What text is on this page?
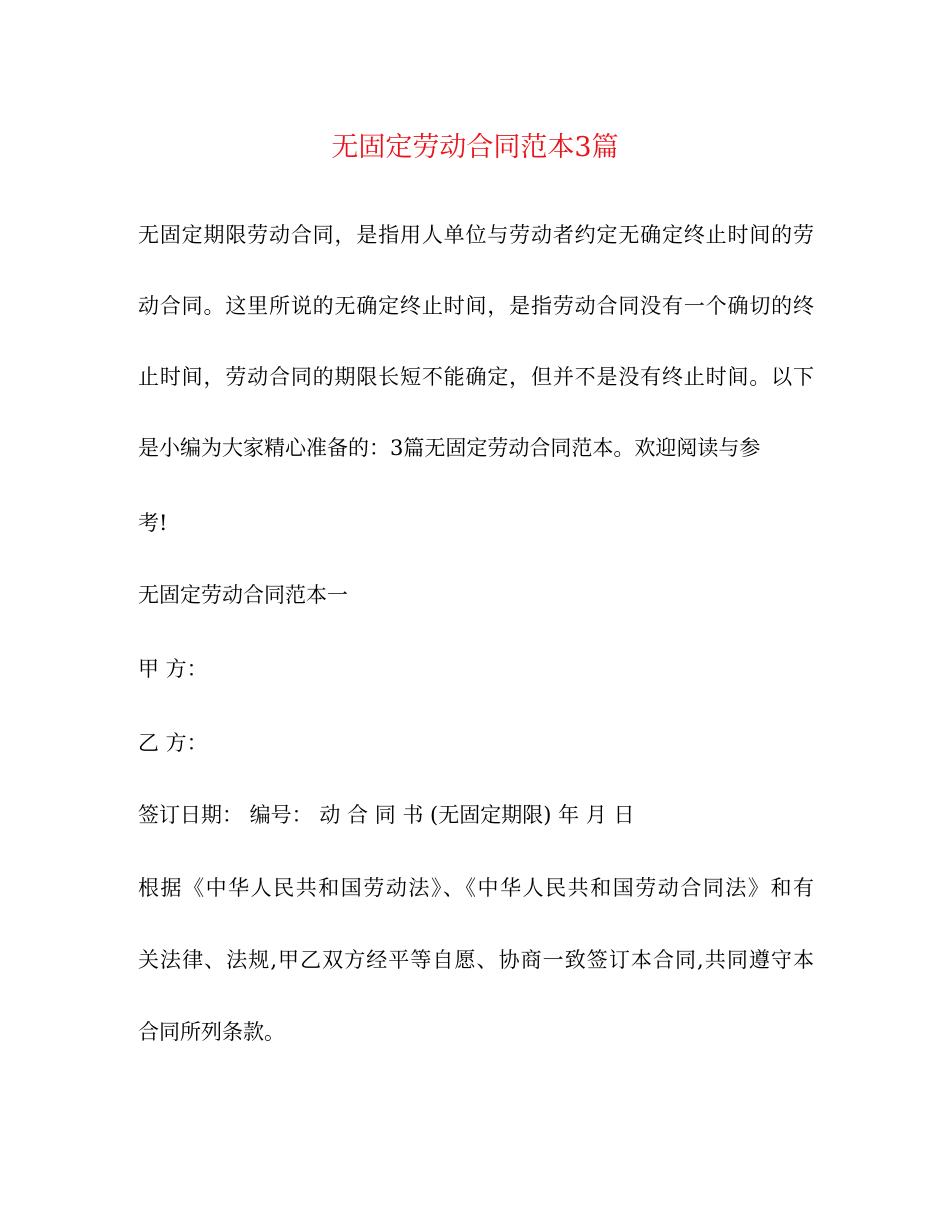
无固定劳动合同范本3篇
无固定期限劳动合同，是指用人单位与劳动者约定无确定终止时间的劳
动合同。这里所说的无确定终止时间，是指劳动合同没有一个确切的终
止时间，劳动合同的期限长短不能确定，但并不是没有终止时间。以下
是小编为大家精心准备的：3篇无固定劳动合同范本。欢迎阅读与参
考!
无固定劳动合同范本一
甲 方：
乙 方：
签订日期： 编号： 动 合 同 书 (无固定期限) 年 月 日
根据《中华人民共和国劳动法》、《中华人民共和国劳动合同法》和有
关法律、法规,甲乙双方经平等自愿、协商一致签订本合同,共同遵守本
合同所列条款。
